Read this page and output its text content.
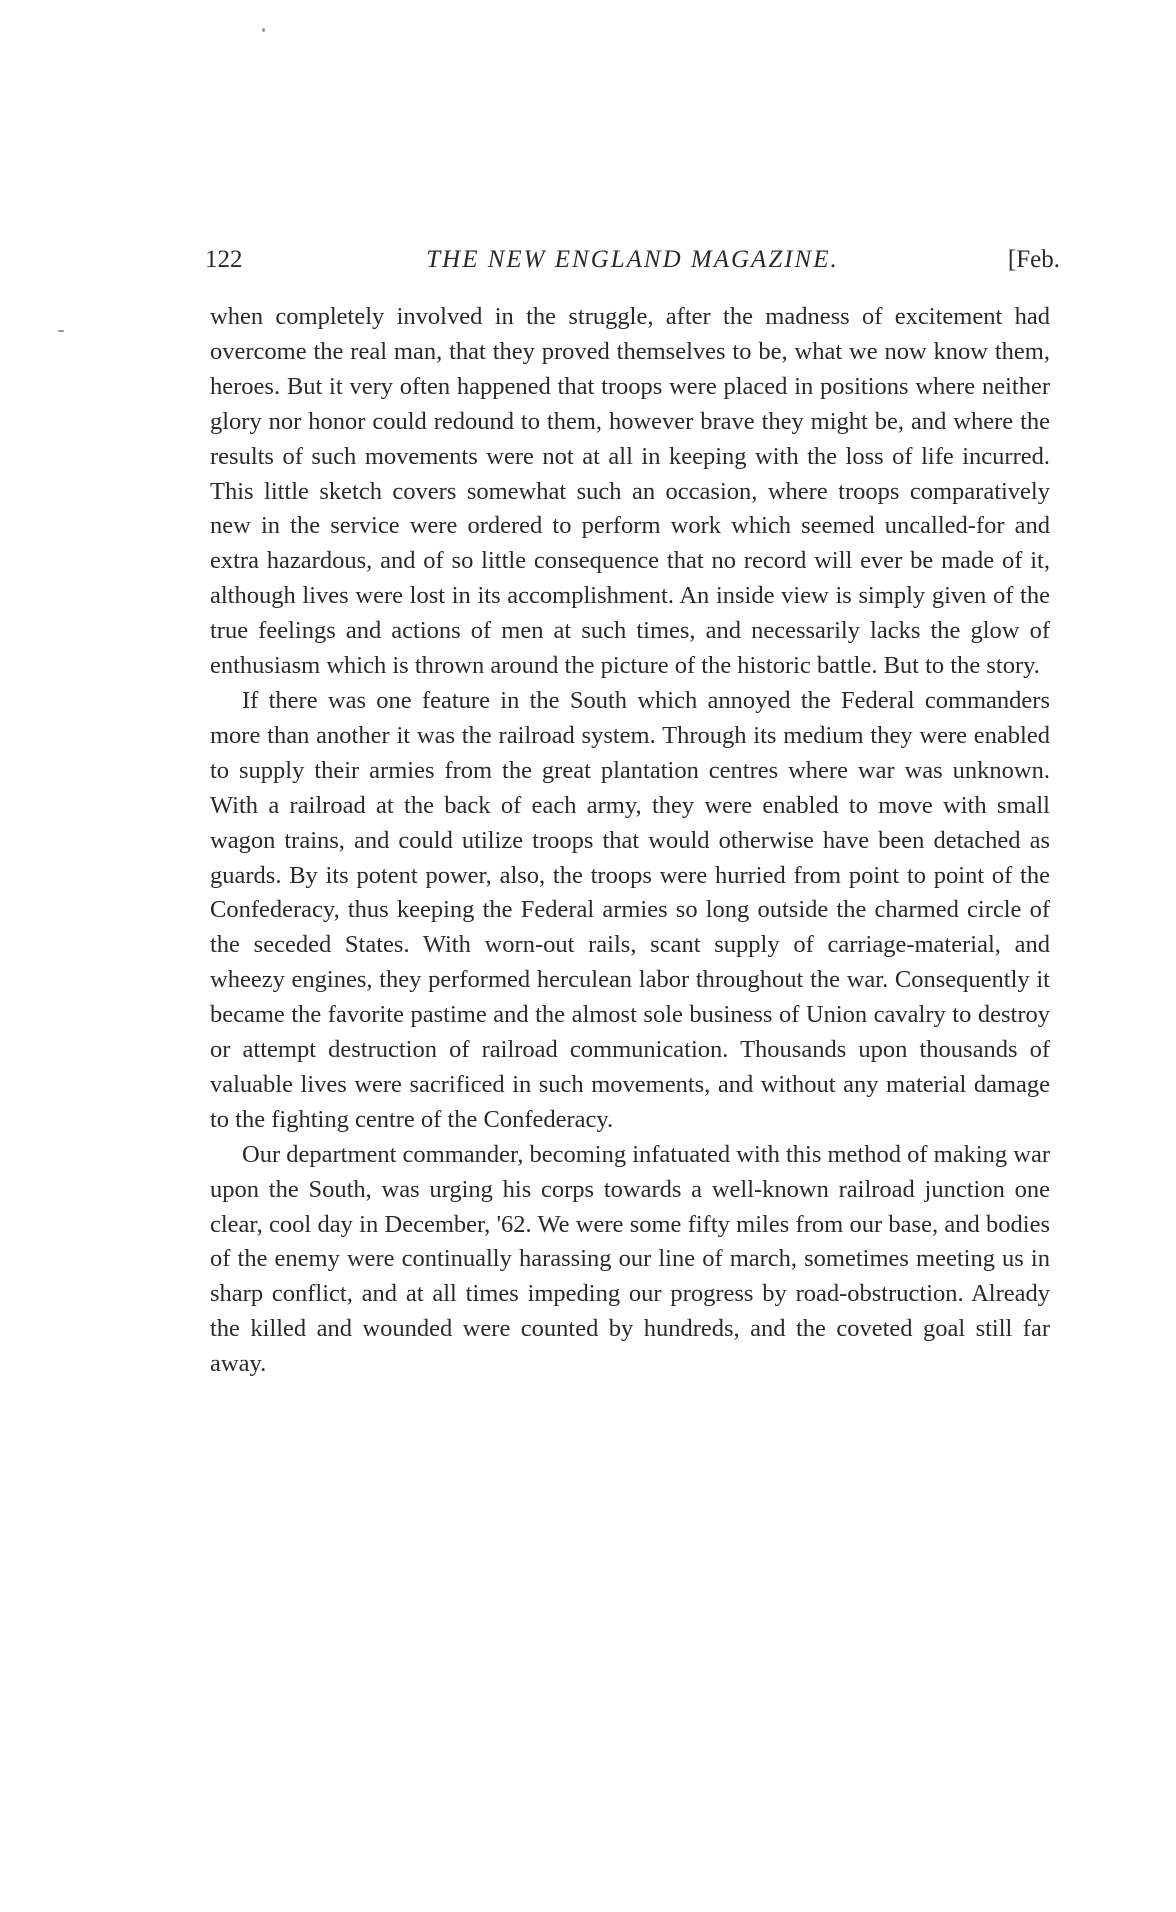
122	THE NEW ENGLAND MAGAZINE.	[Feb.

when completely involved in the struggle, after the madness of excitement had overcome the real man, that they proved themselves to be, what we now know them, heroes. But it very often happened that troops were placed in positions where neither glory nor honor could redound to them, however brave they might be, and where the results of such movements were not at all in keeping with the loss of life incurred. This little sketch covers somewhat such an occasion, where troops comparatively new in the service were ordered to perform work which seemed uncalled-for and extra hazardous, and of so little consequence that no record will ever be made of it, although lives were lost in its accomplishment. An inside view is simply given of the true feelings and actions of men at such times, and necessarily lacks the glow of enthusiasm which is thrown around the picture of the historic battle. But to the story.

If there was one feature in the South which annoyed the Federal commanders more than another it was the railroad system. Through its medium they were enabled to supply their armies from the great plantation centres where war was unknown. With a railroad at the back of each army, they were enabled to move with small wagon trains, and could utilize troops that would otherwise have been detached as guards. By its potent power, also, the troops were hurried from point to point of the Confederacy, thus keeping the Federal armies so long outside the charmed circle of the seceded States. With worn-out rails, scant supply of carriage-material, and wheezy engines, they performed herculean labor throughout the war. Consequently it became the favorite pastime and the almost sole business of Union cavalry to destroy or attempt destruction of railroad communication. Thousands upon thousands of valuable lives were sacrificed in such movements, and without any material damage to the fighting centre of the Confederacy.

Our department commander, becoming infatuated with this method of making war upon the South, was urging his corps towards a well-known railroad junction one clear, cool day in December, '62. We were some fifty miles from our base, and bodies of the enemy were continually harassing our line of march, sometimes meeting us in sharp conflict, and at all times impeding our progress by road-obstruction. Already the killed and wounded were counted by hundreds, and the coveted goal still far away.
